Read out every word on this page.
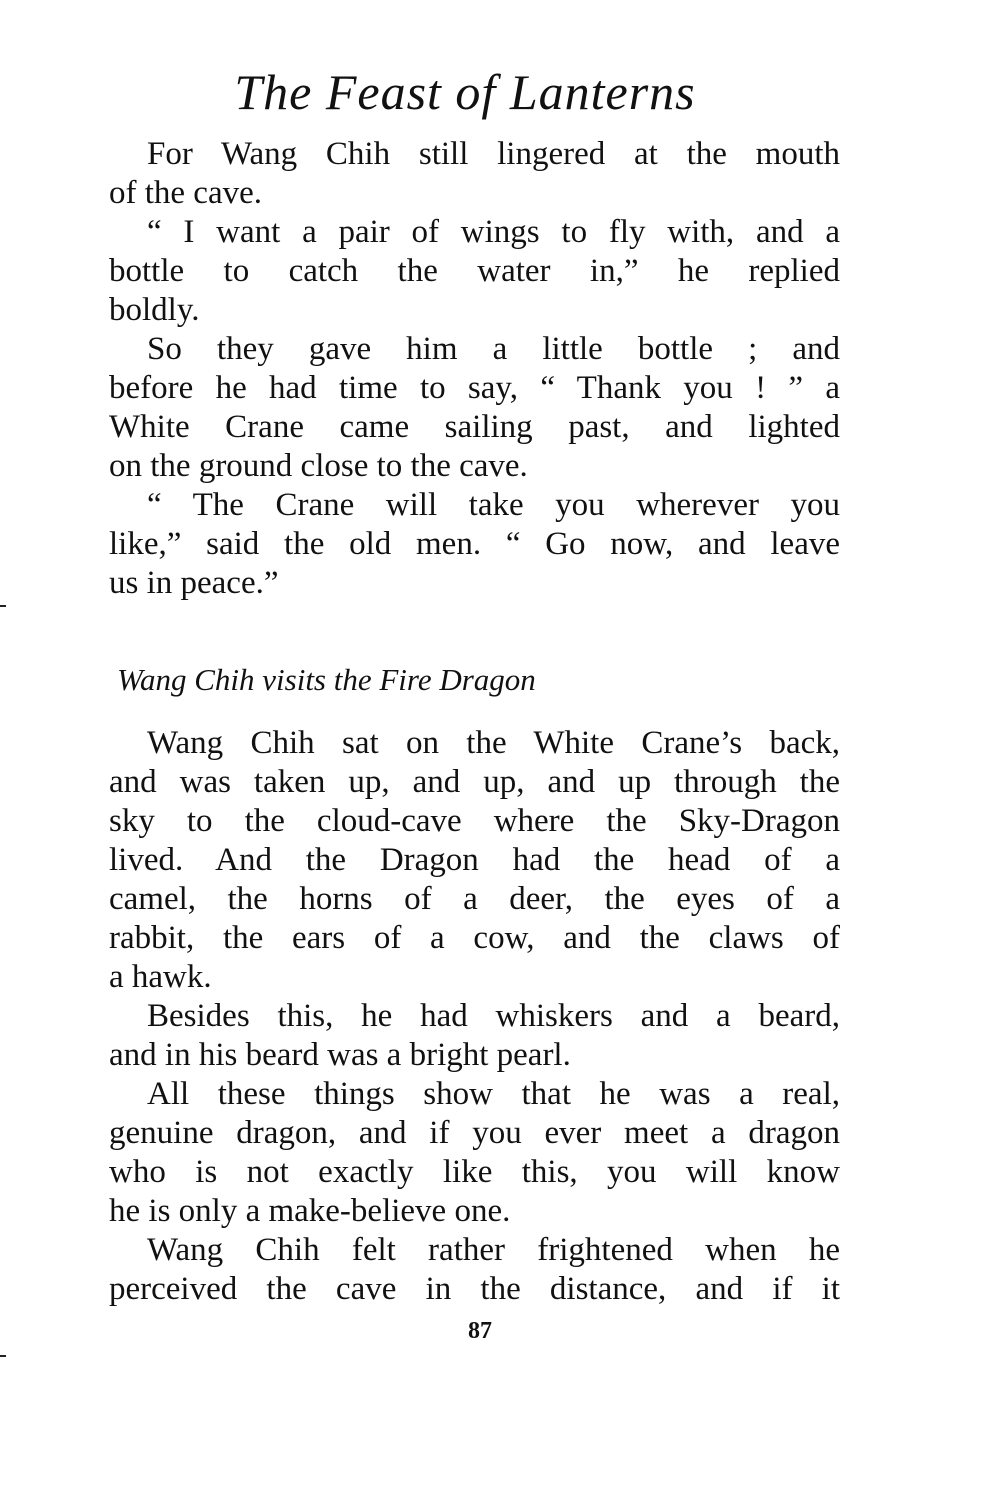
The Feast of Lanterns
For Wang Chih still lingered at the mouth
of the cave.
“ I want a pair of wings to fly with, and a
bottle to catch the water in,” he replied
boldly.
So they gave him a little bottle ; and
before he had time to say, “ Thank you ! ” a
White Crane came sailing past, and lighted
on the ground close to the cave.
“ The Crane will take you wherever you
like,” said the old men. “ Go now, and leave
us in peace.”
Wang Chih visits the Fire Dragon
Wang Chih sat on the White Crane’s back,
and was taken up, and up, and up through the
sky to the cloud-cave where the Sky-Dragon
lived. And the Dragon had the head of a
camel, the horns of a deer, the eyes of a
rabbit, the ears of a cow, and the claws of
a hawk.
Besides this, he had whiskers and a beard,
and in his beard was a bright pearl.
All these things show that he was a real,
genuine dragon, and if you ever meet a dragon
who is not exactly like this, you will know
he is only a make-believe one.
Wang Chih felt rather frightened when he
perceived the cave in the distance, and if it
87
